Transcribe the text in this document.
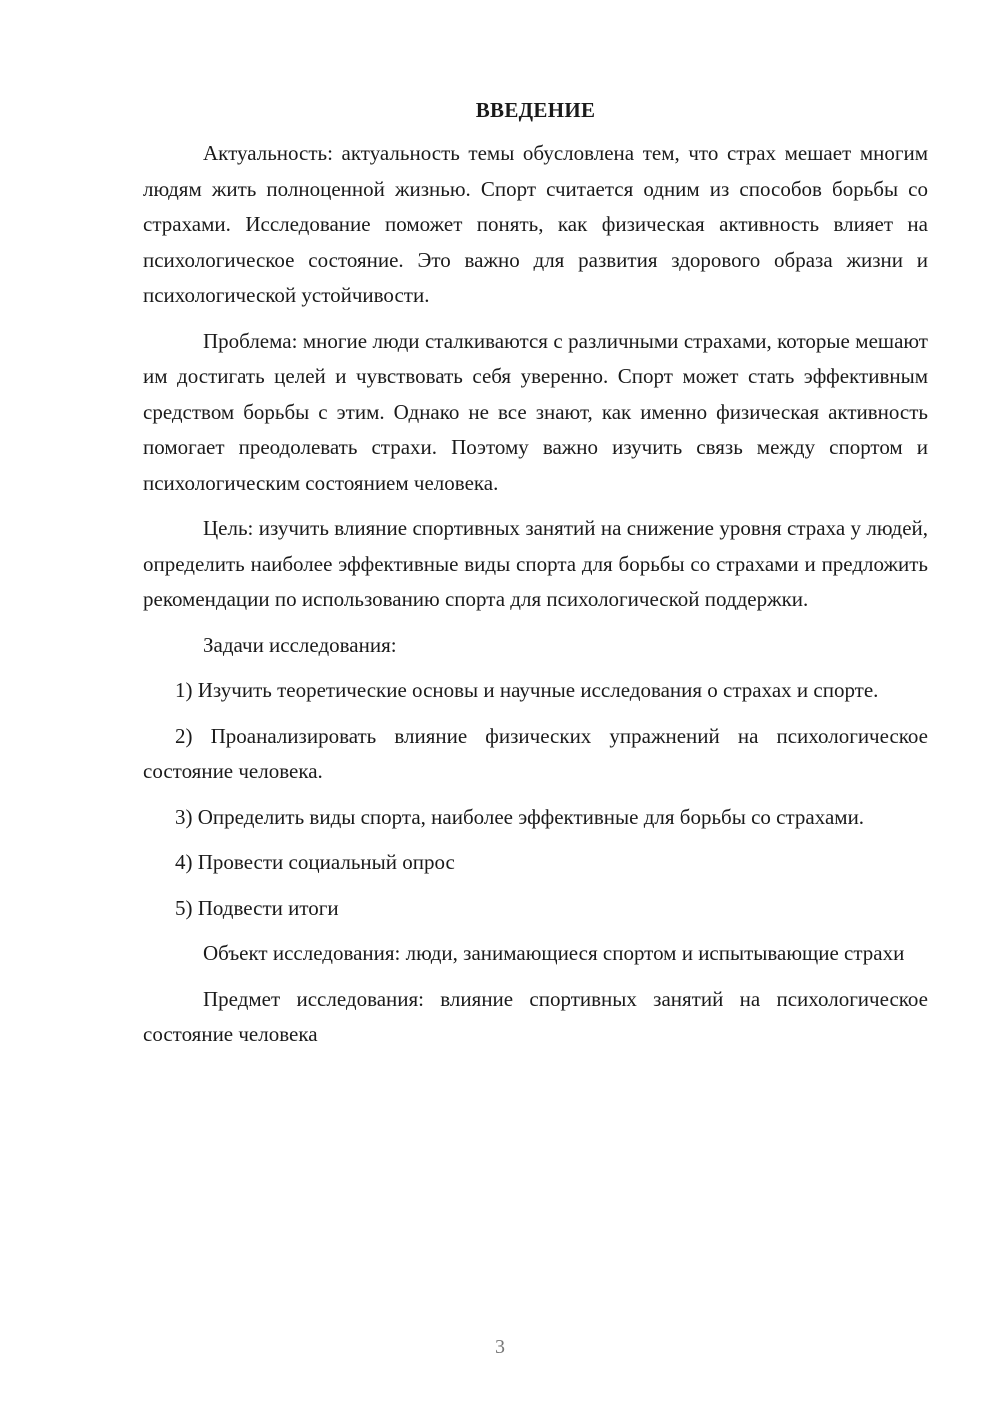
ВВЕДЕНИЕ

Актуальность: актуальность темы обусловлена тем, что страх мешает многим людям жить полноценной жизнью. Спорт считается одним из способов борьбы со страхами. Исследование поможет понять, как физическая активность влияет на психологическое состояние. Это важно для развития здорового образа жизни и психологической устойчивости.

Проблема: многие люди сталкиваются с различными страхами, которые мешают им достигать целей и чувствовать себя уверенно. Спорт может стать эффективным средством борьбы с этим. Однако не все знают, как именно физическая активность помогает преодолевать страхи. Поэтому важно изучить связь между спортом и психологическим состоянием человека.

Цель: изучить влияние спортивных занятий на снижение уровня страха у людей, определить наиболее эффективные виды спорта для борьбы со страхами и предложить рекомендации по использованию спорта для психологической поддержки.

Задачи исследования:

1) Изучить теоретические основы и научные исследования о страхах и спорте.

2) Проанализировать влияние физических упражнений на психологическое состояние человека.

3) Определить виды спорта, наиболее эффективные для борьбы со страхами.

4) Провести социальный опрос

5) Подвести итоги

Объект исследования: люди, занимающиеся спортом и испытывающие страхи

Предмет исследования: влияние спортивных занятий на психологическое состояние человека

3
